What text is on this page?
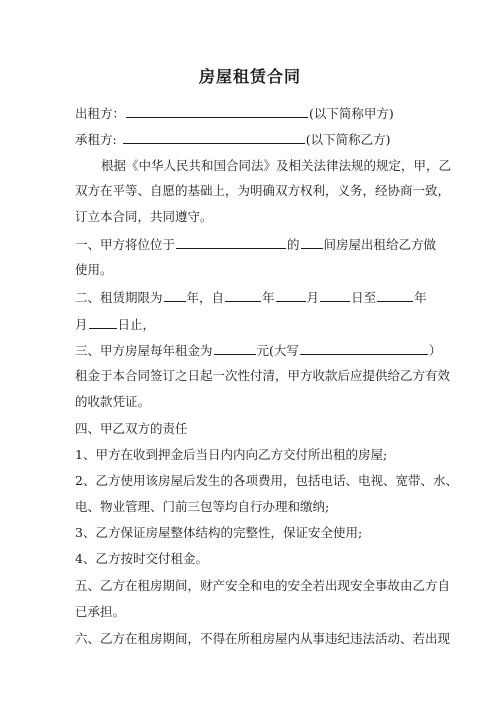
房屋租赁合同
出租方：	(以下简称甲方)
承租方:	(以下简称乙方)
根据《中华人民共和国合同法》及相关法律法规的规定，甲，乙
双方在平等、自愿的基础上，为明确双方权利，义务，经协商一致，
订立本合同，共同遵守。
一、甲方将位位于	的 间房屋出租给乙方做
使用。
二、租赁期限为 年，自	年	月	日至	年
月 日止，
三、甲方房屋每年租金为	元(大写	）
租金于本合同签订之日起一次性付清，甲方收款后应提供给乙方有效
的收款凭证。
四、甲乙双方的责任
1、甲方在收到押金后当日内内向乙方交付所出租的房屋;
2、乙方使用该房屋后发生的各项费用，包括电话、电视、宽带、水、
电、物业管理、门前三包等均自行办理和缴纳;
3、乙方保证房屋整体结构的完整性，保证安全使用;
4、乙方按时交付租金。
五、乙方在租房期间，财产安全和电的安全若出现安全事故由乙方自
已承担。
六、乙方在租房期间，不得在所租房屋内从事违纪违法活动、若出现
